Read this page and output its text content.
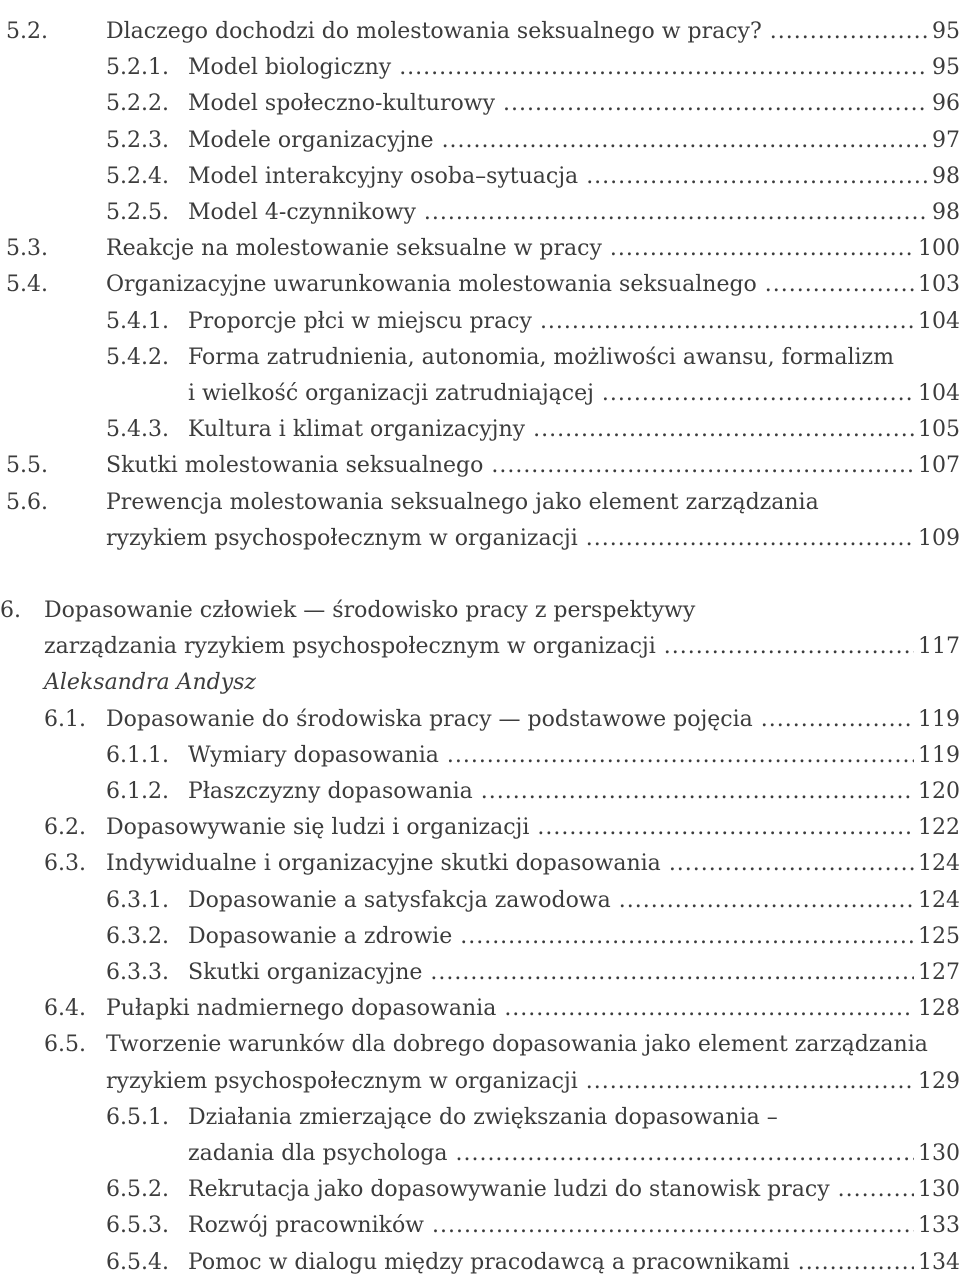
5.2.	Dlaczego dochodzi do molestowania seksualnego w pracy? .....	95
5.2.1. Model biologiczny .....	95
5.2.2. Model społeczno-kulturowy .....	96
5.2.3. Modele organizacyjne .....	97
5.2.4. Model interakcyjny osoba–sytuacja .....	98
5.2.5. Model 4-czynnikowy .....	98
5.3.	Reakcje na molestowanie seksualne w pracy .....	100
5.4.	Organizacyjne uwarunkowania molestowania seksualnego .....	103
5.4.1. Proporcje płci w miejscu pracy .....	104
5.4.2. Forma zatrudnienia, autonomia, możliwości awansu, formalizm
i wielkość organizacji zatrudniającej .....	104
5.4.3. Kultura i klimat organizacyjny .....	105
5.5.	Skutki molestowania seksualnego .....	107
5.6.	Prewencja molestowania seksualnego jako element zarządzania
ryzykiem psychospołecznym w organizacji .....	109
6. Dopasowanie człowiek — środowisko pracy z perspektywy
zarządzania ryzykiem psychospołecznym w organizacji .....	117
Aleksandra Andysz
6.1. Dopasowanie do środowiska pracy — podstawowe pojęcia .....	119
6.1.1. Wymiary dopasowania .....	119
6.1.2. Płaszczyzny dopasowania .....	120
6.2. Dopasowywanie się ludzi i organizacji .....	122
6.3. Indywidualne i organizacyjne skutki dopasowania .....	124
6.3.1. Dopasowanie a satysfakcja zawodowa .....	124
6.3.2. Dopasowanie a zdrowie .....	125
6.3.3. Skutki organizacyjne .....	127
6.4. Pułapki nadmiernego dopasowania .....	128
6.5. Tworzenie warunków dla dobrego dopasowania jako element zarządzania
ryzykiem psychospołecznym w organizacji .....	129
6.5.1. Działania zmierzające do zwiększania dopasowania –
zadania dla psychologa .....	130
6.5.2. Rekrutacja jako dopasowywanie ludzi do stanowisk pracy .....	130
6.5.3. Rozwój pracowników .....	133
6.5.4. Pomoc w dialogu między pracodawcą a pracownikami .....	134
